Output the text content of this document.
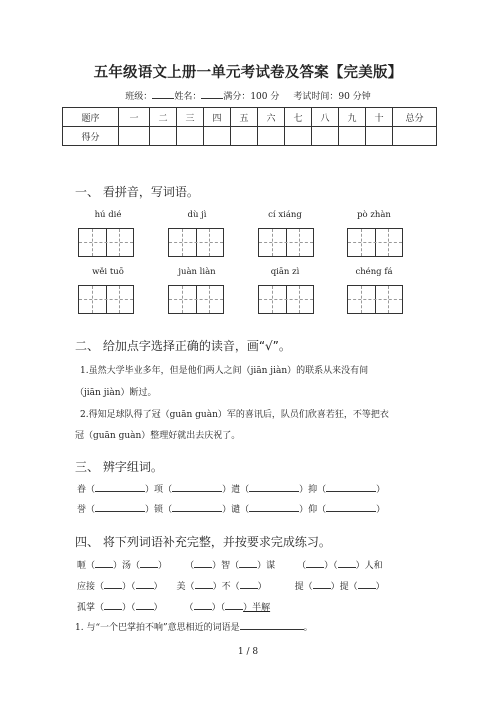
五年级语文上册一单元考试卷及答案【完美版】
班级： 姓名： 满分：100 分 考试时间：90 分钟
题序	一	二	三	四	五	六	七	八	九	十	总分
得分											
一、 看拼音，写词语。
hú dié	dù jì	cí xiáng	pò zhàn
wěi tuō	juàn liàn	qiān zì	chéng fá
二、 给加点字选择正确的读音，画“√”。
1.虽然大学毕业多年，但是他们两人之间（jiān jiàn）的联系从来没有间
（jiān jiàn）断过。
2.得知足球队得了冠（guān guàn）军的喜讯后，队员们欣喜若狂，不等把衣
冠（guān guàn）整理好就出去庆祝了。
三、 辨字组词。
眷（	）项（	）遣（	）抑（	）
誉（	）锁（	）谴（	）仰（	）
四、 将下列词语补充完整，并按要求完成练习。
咂（ ）汤（ ） （ ）智（ ）谋 （ ）（ ）人和
应接（ ）（ ） 美（ ）不（ ）	提（ ）提（ ）
孤掌（ ）（ ） （ ）（ ）半解
1. 与“一个巴掌拍不响”意思相近的词语是	。
1 / 8
